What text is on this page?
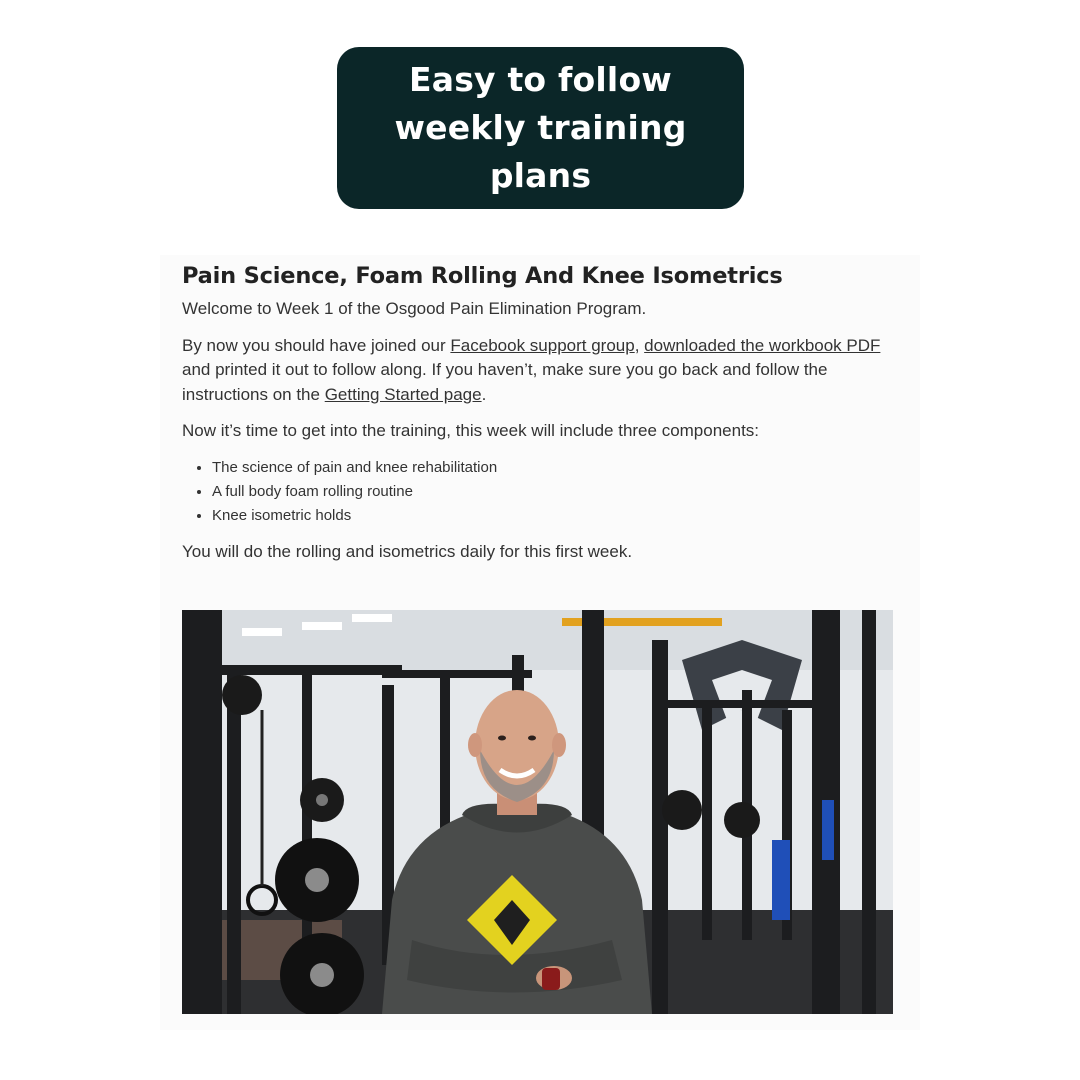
Easy to follow weekly training plans
Pain Science, Foam Rolling And Knee Isometrics

Welcome to Week 1 of the Osgood Pain Elimination Program.

By now you should have joined our Facebook support group, downloaded the workbook PDF and printed it out to follow along. If you haven’t, make sure you go back and follow the instructions on the Getting Started page.

Now it’s time to get into the training, this week will include three components:

• The science of pain and knee rehabilitation
• A full body foam rolling routine
• Knee isometric holds

You will do the rolling and isometrics daily for this first week.
